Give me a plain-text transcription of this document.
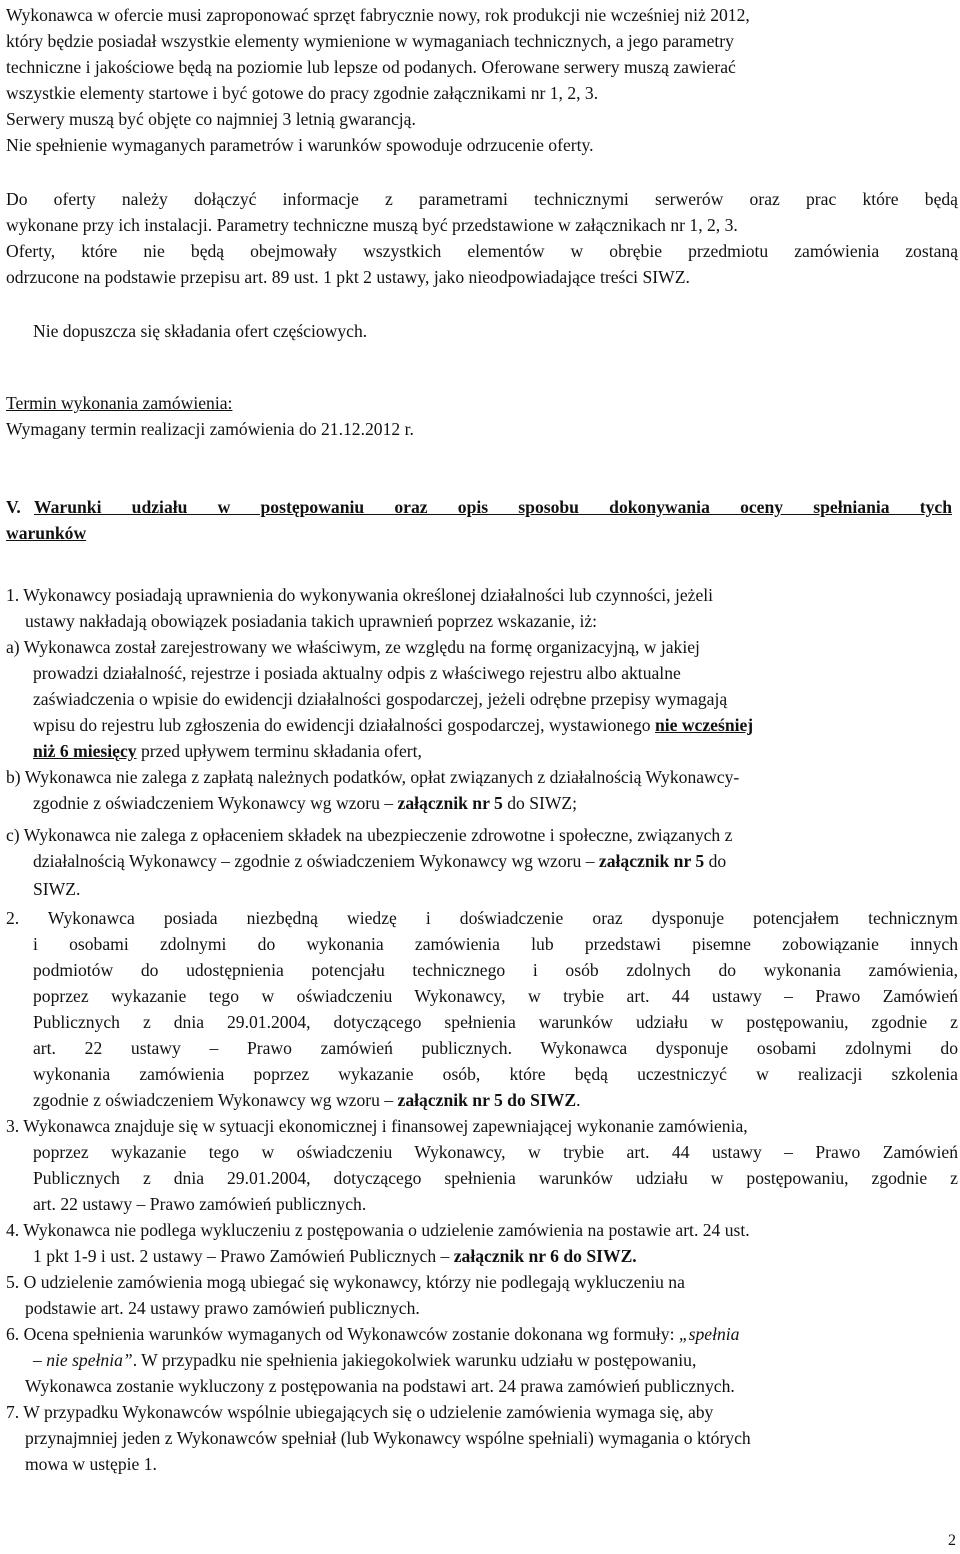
Wykonawca w ofercie musi zaproponować sprzęt fabrycznie nowy, rok produkcji nie wcześniej niż 2012,
który będzie posiadał wszystkie elementy wymienione w wymaganiach technicznych, a jego parametry
techniczne i jakościowe będą na poziomie lub lepsze od podanych. Oferowane serwery muszą zawierać
wszystkie elementy startowe i być gotowe do pracy zgodnie załącznikami nr 1, 2, 3.
Serwery muszą być objęte co najmniej 3 letnią gwarancją.
Nie spełnienie wymaganych parametrów i warunków spowoduje odrzucenie oferty.
Do oferty należy dołączyć informacje z parametrami technicznymi serwerów oraz prac które będą
wykonane przy ich instalacji. Parametry techniczne muszą być przedstawione w załącznikach nr 1, 2, 3.
Oferty, które nie będą obejmowały wszystkich elementów w obrębie przedmiotu zamówienia zostaną
odrzucone na podstawie przepisu art. 89 ust. 1 pkt 2 ustawy, jako nieodpowiadające treści SIWZ.
Nie dopuszcza się składania ofert częściowych.
Termin wykonania zamówienia:
Wymagany termin realizacji zamówienia do 21.12.2012 r.
V. Warunki udziału w postępowaniu oraz opis sposobu dokonywania oceny spełniania tych
warunków
1. Wykonawcy posiadają uprawnienia do wykonywania określonej działalności lub czynności, jeżeli
ustawy nakładają obowiązek posiadania takich uprawnień poprzez wskazanie, iż:
a) Wykonawca został zarejestrowany we właściwym, ze względu na formę organizacyjną, w jakiej
prowadzi działalność, rejestrze i posiada aktualny odpis z właściwego rejestru albo aktualne
zaświadczenia o wpisie do ewidencji działalności gospodarczej, jeżeli odrębne przepisy wymagają
wpisu do rejestru lub zgłoszenia do ewidencji działalności gospodarczej, wystawionego nie wcześniej
niż 6 miesięcy przed upływem terminu składania ofert,
b) Wykonawca nie zalega z zapłatą należnych podatków, opłat związanych z działalnością Wykonawcy-
zgodnie z oświadczeniem Wykonawcy wg wzoru – załącznik nr 5 do SIWZ;
c) Wykonawca nie zalega z opłaceniem składek na ubezpieczenie zdrowotne i społeczne, związanych z
działalnością Wykonawcy – zgodnie z oświadczeniem Wykonawcy wg wzoru – załącznik nr 5 do
SIWZ.
2. Wykonawca posiada niezbędną wiedzę i doświadczenie oraz dysponuje potencjałem technicznym
i osobami zdolnymi do wykonania zamówienia lub przedstawi pisemne zobowiązanie innych
podmiotów do udostępnienia potencjału technicznego i osób zdolnych do wykonania zamówienia,
poprzez wykazanie tego w oświadczeniu Wykonawcy, w trybie art. 44 ustawy – Prawo Zamówień
Publicznych z dnia 29.01.2004, dotyczącego spełnienia warunków udziału w postępowaniu, zgodnie z
art. 22 ustawy – Prawo zamówień publicznych. Wykonawca dysponuje osobami zdolnymi do
wykonania zamówienia poprzez wykazanie osób, które będą uczestniczyć w realizacji szkolenia
zgodnie z oświadczeniem Wykonawcy wg wzoru – załącznik nr 5 do SIWZ.
3. Wykonawca znajduje się w sytuacji ekonomicznej i finansowej zapewniającej wykonanie zamówienia,
poprzez wykazanie tego w oświadczeniu Wykonawcy, w trybie art. 44 ustawy – Prawo Zamówień
Publicznych z dnia 29.01.2004, dotyczącego spełnienia warunków udziału w postępowaniu, zgodnie z
art. 22 ustawy – Prawo zamówień publicznych.
4. Wykonawca nie podlega wykluczeniu z postępowania o udzielenie zamówienia na postawie art. 24 ust.
1 pkt 1-9 i ust. 2 ustawy – Prawo Zamówień Publicznych – załącznik nr 6 do SIWZ.
5. O udzielenie zamówienia mogą ubiegać się wykonawcy, którzy nie podlegają wykluczeniu na
podstawie art. 24 ustawy prawo zamówień publicznych.
6. Ocena spełnienia warunków wymaganych od Wykonawców zostanie dokonana wg formuły: „spełnia
– nie spełnia”. W przypadku nie spełnienia jakiegokolwiek warunku udziału w postępowaniu,
Wykonawca zostanie wykluczony z postępowania na podstawi art. 24 prawa zamówień publicznych.
7. W przypadku Wykonawców wspólnie ubiegających się o udzielenie zamówienia wymaga się, aby
przynajmniej jeden z Wykonawców spełniał (lub Wykonawcy wspólne spełniali) wymagania o których
mowa w ustępie 1.
2
